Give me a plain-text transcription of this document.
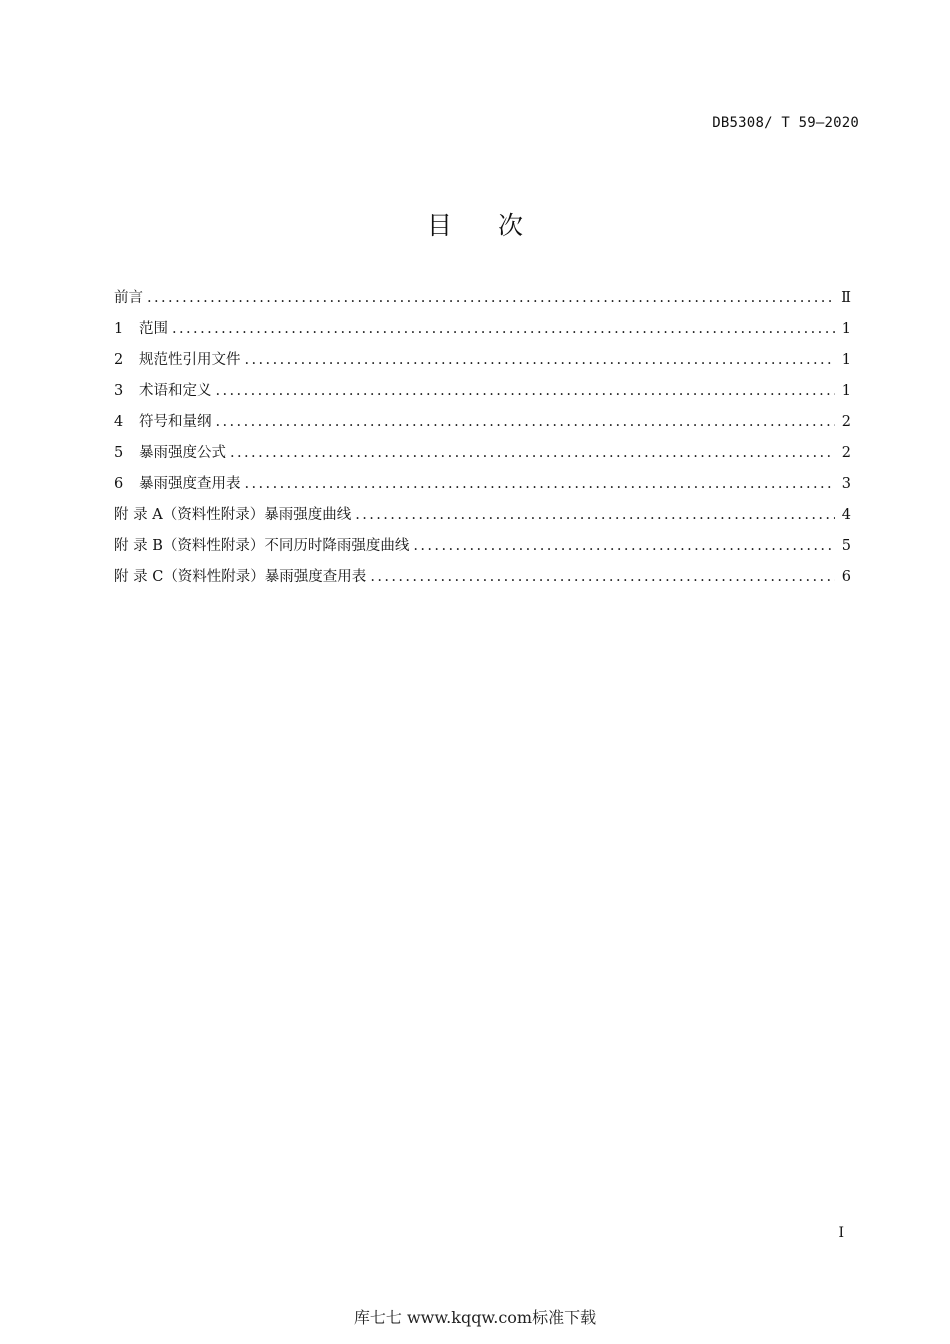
DB5308/ T 59—2020
目 次
前言 . . .	Ⅱ
1	范围 . . .	1
2	规范性引用文件 . . .	1
3	术语和定义 . . .	1
4	符号和量纲 . . .	2
5	暴雨强度公式 . . .	2
6	暴雨强度查用表 . . .	3
附 录 A（资料性附录）暴雨强度曲线 . . .	4
附 录 B（资料性附录）不同历时降雨强度曲线 . . .	5
附 录 C（资料性附录）暴雨强度查用表 . . .	6
I
库七七 www.kqqw.com标准下载
